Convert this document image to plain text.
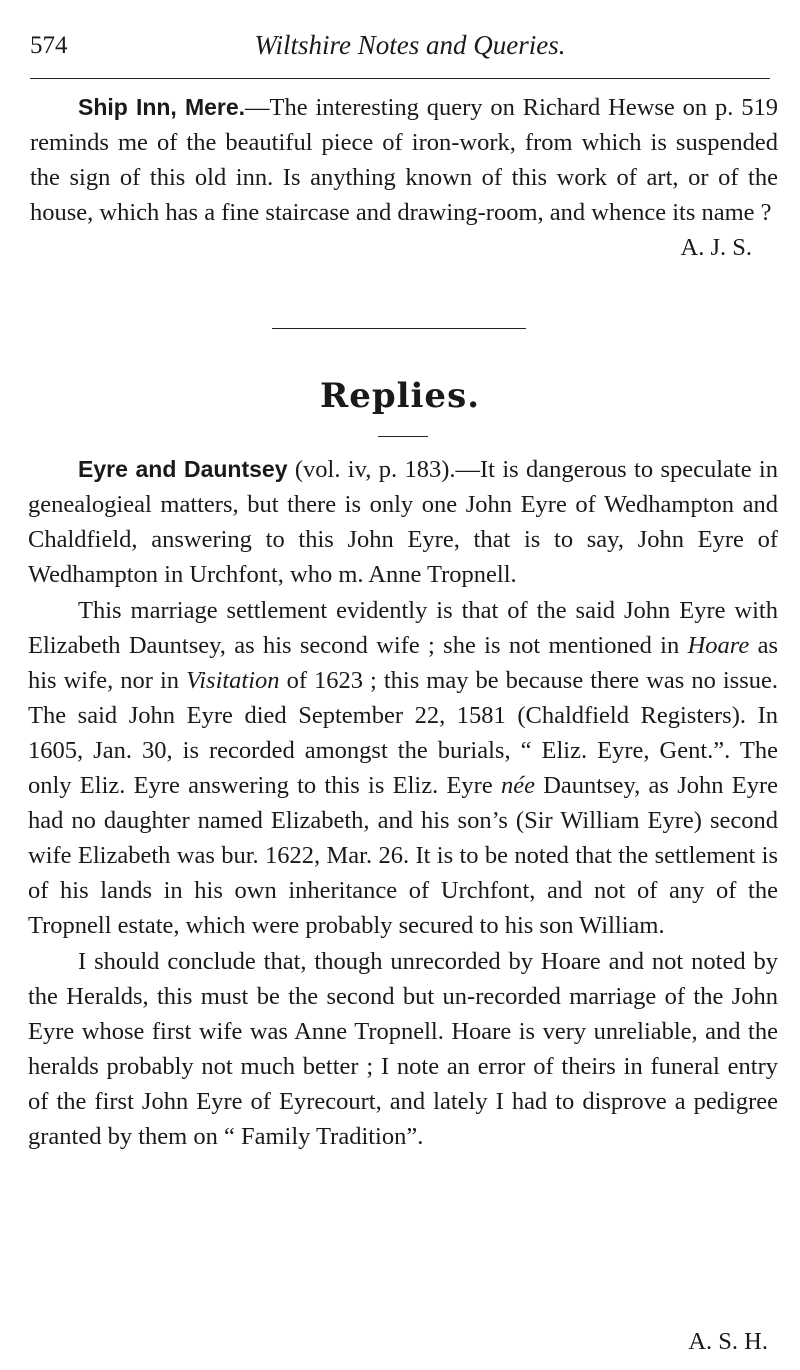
574	Wiltshire Notes and Queries.

Ship Inn, Mere.—The interesting query on Richard Hewse on p. 519 reminds me of the beautiful piece of iron-work, from which is suspended the sign of this old inn. Is anything known of this work of art, or of the house, which has a fine staircase and drawing-room, and whence its name ?

A. J. S.

Replies.

Eyre and Dauntsey (vol. iv, p. 183).—It is dangerous to speculate in genealogieal matters, but there is only one John Eyre of Wedhampton and Chaldfield, answering to this John Eyre, that is to say, John Eyre of Wedhampton in Urchfont, who m. Anne Tropnell.

This marriage settlement evidently is that of the said John Eyre with Elizabeth Dauntsey, as his second wife ; she is not mentioned in Hoare as his wife, nor in Visitation of 1623 ; this may be because there was no issue. The said John Eyre died September 22, 1581 (Chaldfield Registers). In 1605, Jan. 30, is recorded amongst the burials, “ Eliz. Eyre, Gent.”. The only Eliz. Eyre answering to this is Eliz. Eyre née Dauntsey, as John Eyre had no daughter named Elizabeth, and his son’s (Sir William Eyre) second wife Elizabeth was bur. 1622, Mar. 26. It is to be noted that the settlement is of his lands in his own inheritance of Urchfont, and not of any of the Tropnell estate, which were probably secured to his son William.

I should conclude that, though unrecorded by Hoare and not noted by the Heralds, this must be the second but un-recorded marriage of the John Eyre whose first wife was Anne Tropnell. Hoare is very unreliable, and the heralds probably not much better ; I note an error of theirs in funeral entry of the first John Eyre of Eyrecourt, and lately I had to disprove a pedigree granted by them on “ Family Tradition”.

A. S. H.
